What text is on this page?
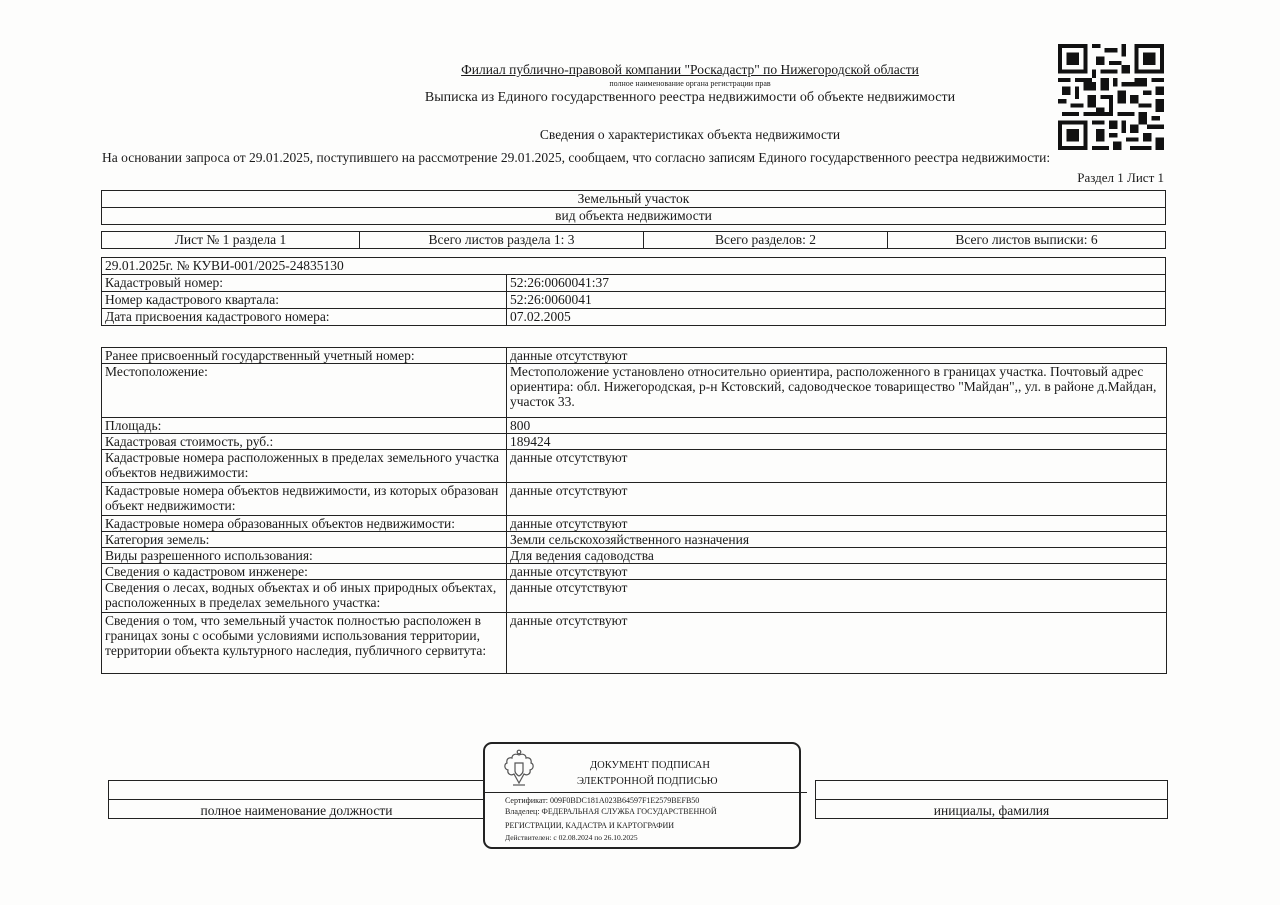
Филиал публично-правовой компании "Роскадастр" по Нижегородской области
полное наименование органа регистрации прав
Выписка из Единого государственного реестра недвижимости об объекте недвижимости
Сведения о характеристиках объекта недвижимости
На основании запроса от 29.01.2025, поступившего на рассмотрение 29.01.2025, сообщаем, что согласно записям Единого государственного реестра недвижимости:
Раздел 1 Лист 1
Земельный участок
вид объекта недвижимости
Лист № 1 раздела 1	Всего листов раздела 1: 3	Всего разделов: 2	Всего листов выписки: 6
29.01.2025г. № КУВИ-001/2025-24835130	
Кадастровый номер:	52:26:0060041:37
Номер кадастрового квартала:	52:26:0060041
Дата присвоения кадастрового номера:	07.02.2005
Ранее присвоенный государственный учетный номер:	данные отсутствуют
Местоположение:	Местоположение установлено относительно ориентира, расположенного в границах участка. Почтовый адрес ориентира: обл. Нижегородская, р-н Кстовский, садоводческое товарищество "Майдан",, ул. в районе д.Майдан, участок 33.
Площадь:	800
Кадастровая стоимость, руб.:	189424
Кадастровые номера расположенных в пределах земельного участка объектов недвижимости:	данные отсутствуют
Кадастровые номера объектов недвижимости, из которых образован объект недвижимости:	данные отсутствуют
Кадастровые номера образованных объектов недвижимости:	данные отсутствуют
Категория земель:	Земли сельскохозяйственного назначения
Виды разрешенного использования:	Для ведения садоводства
Сведения о кадастровом инженере:	данные отсутствуют
Сведения о лесах, водных объектах и об иных природных объектах, расположенных в пределах земельного участка:	данные отсутствуют
Сведения о том, что земельный участок полностью расположен в границах зоны с особыми условиями использования территории, территории объекта культурного наследия, публичного сервитута:	данные отсутствуют

полное наименование должности		инициалы, фамилия
ДОКУМЕНТ ПОДПИСАН
ЭЛЕКТРОННОЙ ПОДПИСЬЮ
Сертификат: 009F0BDC181A023B64597F1E2579BEFB50
Владелец: ФЕДЕРАЛЬНАЯ СЛУЖБА ГОСУДАРСТВЕННОЙ
РЕГИСТРАЦИИ, КАДАСТРА И КАРТОГРАФИИ
Действителен: с 02.08.2024 по 26.10.2025
